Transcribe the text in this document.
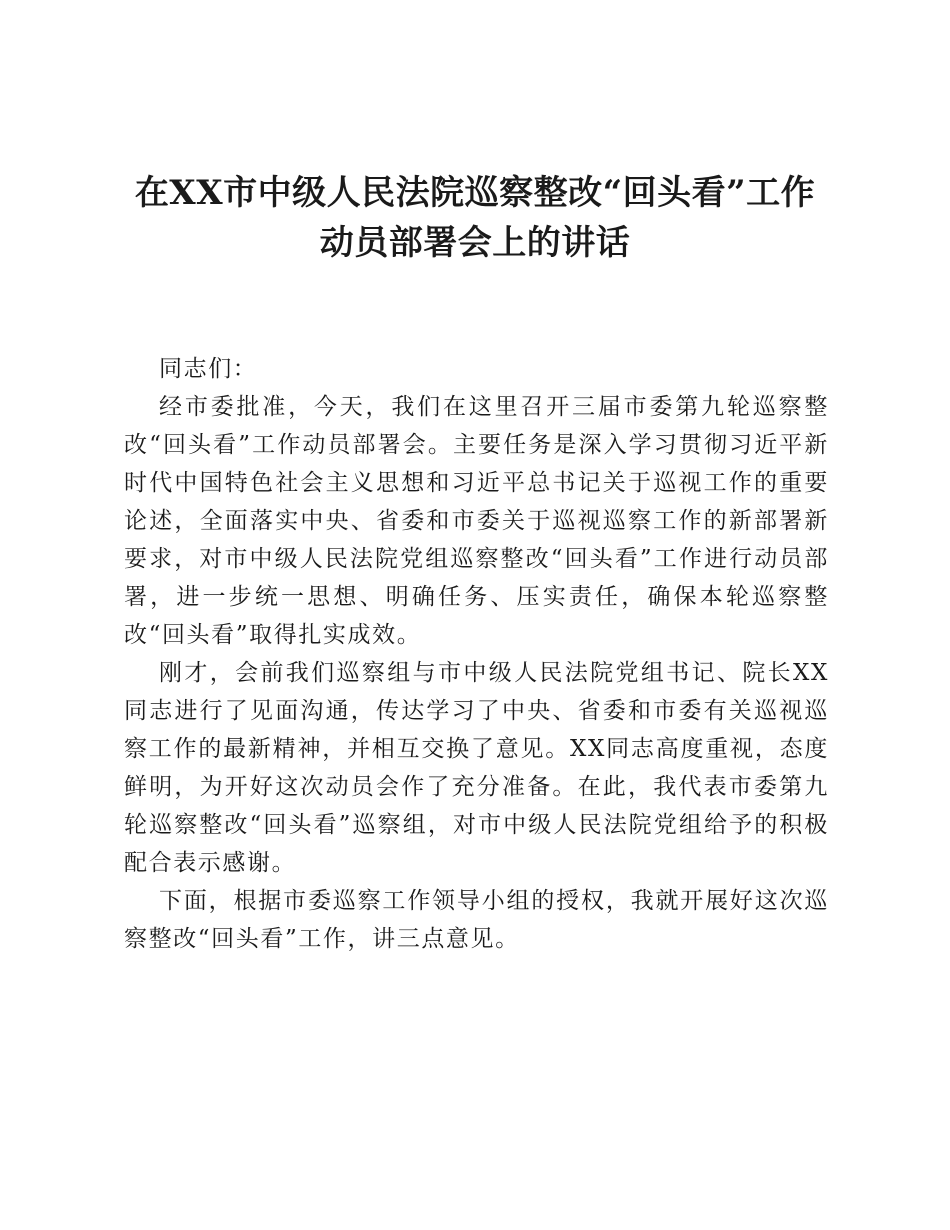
在XX市中级人民法院巡察整改“回头看”工作
动员部署会上的讲话

同志们：

经市委批准，今天，我们在这里召开三届市委第九轮巡察整改“回头看”工作动员部署会。主要任务是深入学习贯彻习近平新时代中国特色社会主义思想和习近平总书记关于巡视工作的重要论述，全面落实中央、省委和市委关于巡视巡察工作的新部署新要求，对市中级人民法院党组巡察整改“回头看”工作进行动员部署，进一步统一思想、明确任务、压实责任，确保本轮巡察整改“回头看”取得扎实成效。

刚才，会前我们巡察组与市中级人民法院党组书记、院长XX同志进行了见面沟通，传达学习了中央、省委和市委有关巡视巡察工作的最新精神，并相互交换了意见。XX同志高度重视，态度鲜明，为开好这次动员会作了充分准备。在此，我代表市委第九轮巡察整改“回头看”巡察组，对市中级人民法院党组给予的积极配合表示感谢。

下面，根据市委巡察工作领导小组的授权，我就开展好这次巡察整改“回头看”工作，讲三点意见。
